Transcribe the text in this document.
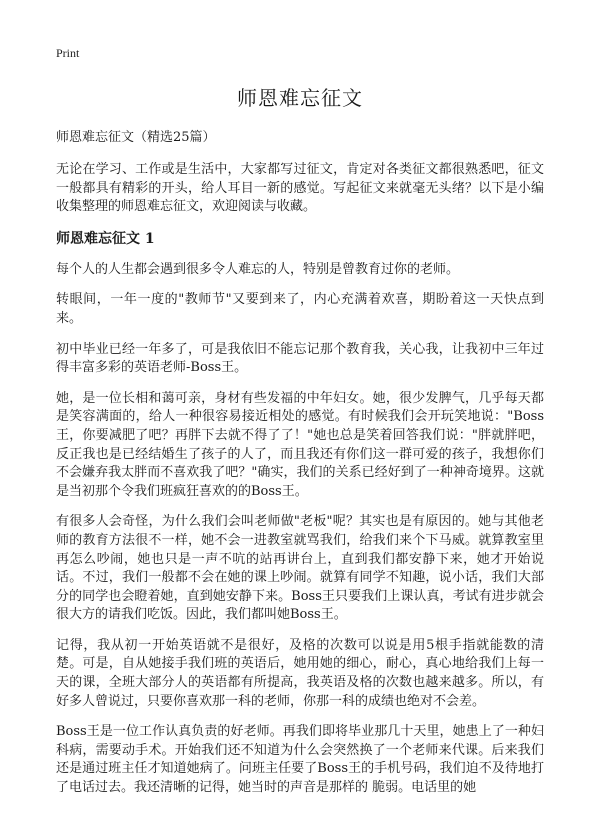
Print
师恩难忘征文

师恩难忘征文（精选25篇）

无论在学习、工作或是生活中，大家都写过征文，肯定对各类征文都很熟悉吧，征文一般都具有精彩的开头，给人耳目一新的感觉。写起征文来就毫无头绪？以下是小编收集整理的师恩难忘征文，欢迎阅读与收藏。

师恩难忘征文 1

每个人的人生都会遇到很多令人难忘的人，特别是曾教育过你的老师。

转眼间，一年一度的"教师节"又要到来了，内心充满着欢喜，期盼着这一天快点到来。

初中毕业已经一年多了，可是我依旧不能忘记那个教育我，关心我，让我初中三年过得丰富多彩的英语老师-Boss王。

她，是一位长相和蔼可亲，身材有些发福的中年妇女。她，很少发脾气，几乎每天都是笑容满面的，给人一种很容易接近相处的感觉。有时候我们会开玩笑地说："Boss王，你要减肥了吧？再胖下去就不得了了！"她也总是笑着回答我们说："胖就胖吧，反正我也是已经结婚生了孩子的人了，而且我还有你们这一群可爱的孩子，我想你们不会嫌弃我太胖而不喜欢我了吧？"确实，我们的关系已经好到了一种神奇境界。这就是当初那个令我们班疯狂喜欢的的Boss王。

有很多人会奇怪，为什么我们会叫老师做"老板"呢？其实也是有原因的。她与其他老师的教育方法很不一样，她不会一进教室就骂我们，给我们来个下马威。就算教室里再怎么吵闹，她也只是一声不吭的站再讲台上，直到我们都安静下来，她才开始说话。不过，我们一般都不会在她的课上吵闹。就算有同学不知趣，说小话，我们大部分的同学也会瞪着她，直到她安静下来。Boss王只要我们上课认真，考试有进步就会很大方的请我们吃饭。因此，我们都叫她Boss王。

记得，我从初一开始英语就不是很好，及格的次数可以说是用5根手指就能数的清楚。可是，自从她接手我们班的英语后，她用她的细心，耐心，真心地给我们上每一天的课，全班大部分人的英语都有所提高，我英语及格的次数也越来越多。所以，有好多人曾说过，只要你喜欢那一科的老师，你那一科的成绩也绝对不会差。

Boss王是一位工作认真负责的好老师。再我们即将毕业那几十天里，她患上了一种妇科病，需要动手术。开始我们还不知道为什么会突然换了一个老师来代课。后来我们还是通过班主任才知道她病了。问班主任要了Boss王的手机号码，我们迫不及待地打了电话过去。我还清晰的记得，她当时的声音是那样的 脆弱。电话里的她
